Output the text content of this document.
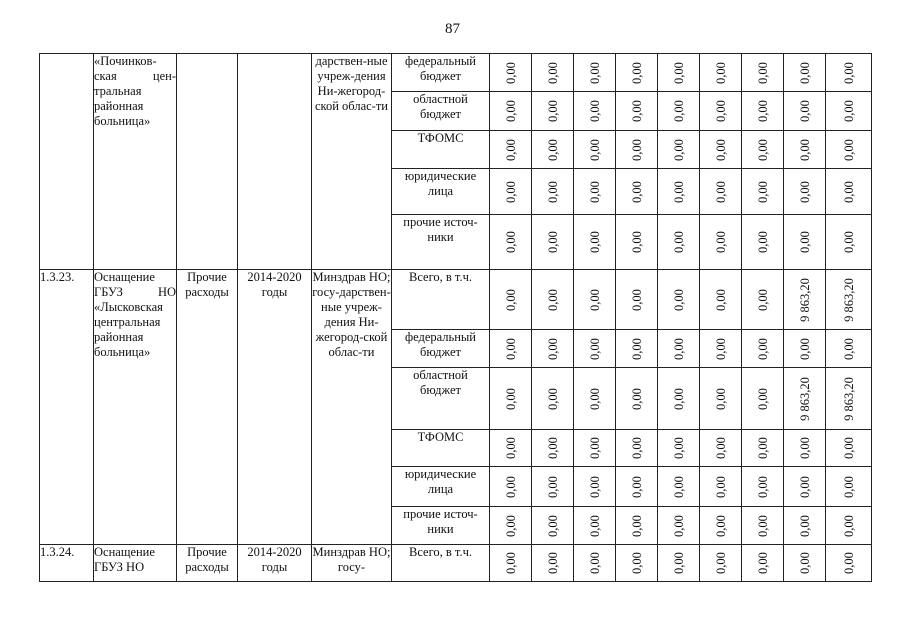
87
	«Починков-ская цен-тральная районная больница»			дарствен-ные учреж-дения Ни-жегород-ской облас-ти	федеральный бюджет	0,00	0,00	0,00	0,00	0,00	0,00	0,00	0,00	0,00

					областной бюджет	0,00	0,00	0,00	0,00	0,00	0,00	0,00	0,00	0,00

					ТФОМС	0,00	0,00	0,00	0,00	0,00	0,00	0,00	0,00	0,00

					юридические лица	0,00	0,00	0,00	0,00	0,00	0,00	0,00	0,00	0,00

					прочие источ-ники	0,00	0,00	0,00	0,00	0,00	0,00	0,00	0,00	0,00

1.3.23.	Оснащение ГБУЗ НО «Лысковская центральная районная больница»	Прочие расходы	2014-2020 годы	Минздрав НО; госу-дарствен-ные учреж-дения Ни-жегород-ской облас-ти	Всего, в т.ч.	0,00	0,00	0,00	0,00	0,00	0,00	0,00	9 863,20	9 863,20

					федеральный бюджет	0,00	0,00	0,00	0,00	0,00	0,00	0,00	0,00	0,00

					областной бюджет	0,00	0,00	0,00	0,00	0,00	0,00	0,00	9 863,20	9 863,20

					ТФОМС	0,00	0,00	0,00	0,00	0,00	0,00	0,00	0,00	0,00

					юридические лица	0,00	0,00	0,00	0,00	0,00	0,00	0,00	0,00	0,00

					прочие источ-ники	0,00	0,00	0,00	0,00	0,00	0,00	0,00	0,00	0,00

1.3.24.	Оснащение ГБУЗ НО	Прочие расходы	2014-2020 годы	Минздрав НО; госу-	Всего, в т.ч.	0,00	0,00	0,00	0,00	0,00	0,00	0,00	0,00	0,00
